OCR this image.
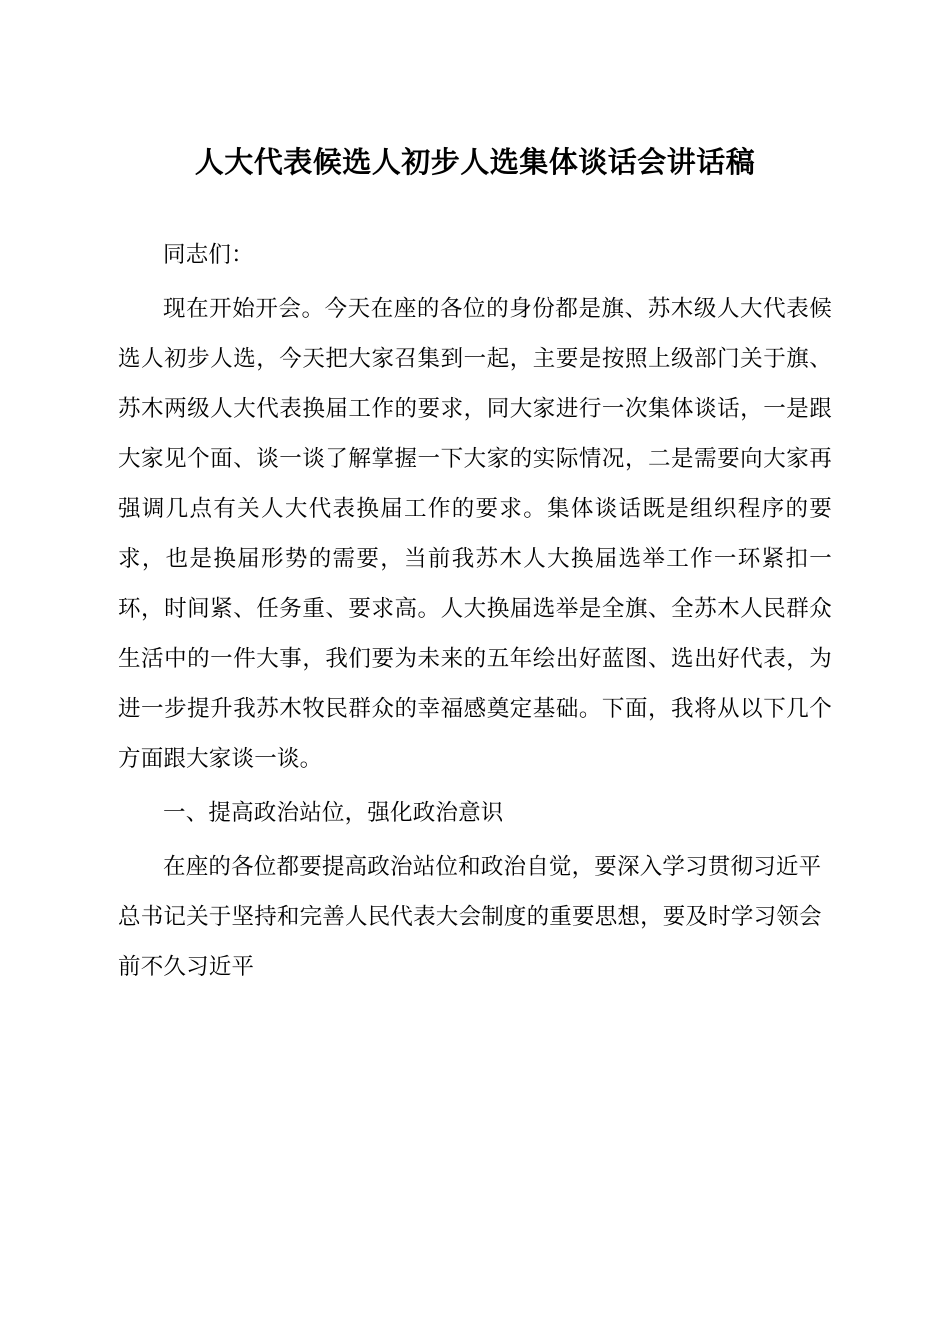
人大代表候选人初步人选集体谈话会讲话稿

同志们：

现在开始开会。今天在座的各位的身份都是旗、苏木级人大代表候选人初步人选，今天把大家召集到一起，主要是按照上级部门关于旗、苏木两级人大代表换届工作的要求，同大家进行一次集体谈话，一是跟大家见个面、谈一谈了解掌握一下大家的实际情况，二是需要向大家再强调几点有关人大代表换届工作的要求。集体谈话既是组织程序的要求，也是换届形势的需要，当前我苏木人大换届选举工作一环紧扣一环，时间紧、任务重、要求高。人大换届选举是全旗、全苏木人民群众生活中的一件大事，我们要为未来的五年绘出好蓝图、选出好代表，为进一步提升我苏木牧民群众的幸福感奠定基础。下面，我将从以下几个方面跟大家谈一谈。

一、提高政治站位，强化政治意识

在座的各位都要提高政治站位和政治自觉，要深入学习贯彻习近平总书记关于坚持和完善人民代表大会制度的重要思想，要及时学习领会前不久习近平
